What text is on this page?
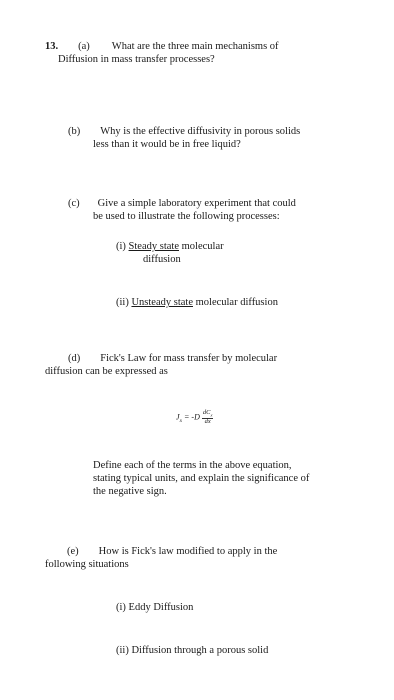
13. (a) What are the three main mechanisms of
Diffusion in mass transfer processes?
(b) Why is the effective diffusivity in porous solids
less than it would be in free liquid?
(c) Give a simple laboratory experiment that could
be used to illustrate the following processes:
(i) Steady state molecular
diffusion
(ii) Unsteady state molecular diffusion
(d) Fick's Law for mass transfer by molecular
diffusion can be expressed as
$J_x = -D \frac{dC_x}{dx}$
Define each of the terms in the above equation,
stating typical units, and explain the significance of
the negative sign.
(e) How is Fick's law modified to apply in the
following situations
(i) Eddy Diffusion
(ii) Diffusion through a porous solid
